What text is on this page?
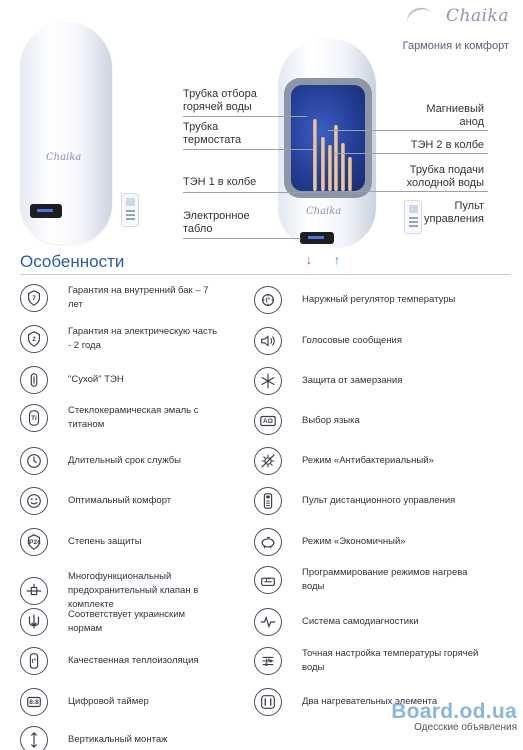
Chaika
Chaika
↓ ↑
Трубка отбора горячей воды
Трубка термостата
ТЭН 1 в колбе
Электронное табло
Магниевый анод
ТЭН 2 в колбе
Трубка подачи холодной воды
Пульт управления
Chaika
Гармония и комфорт
Особенности
7
Гарантия на внутренний бак – 7 лет
2
Гарантия на электрическую часть - 2 года
"Сухой" ТЭН
Ti
Стеклокерамическая эмаль с титаном
Длительный срок службы
Оптимальный комфорт
IP24	Степень защиты
Многофункциональный предохранительный клапан в комплекте
Соответствует украинским нормам
t°	Качественная теплоизоляция
8:8	Цифровой таймер
Вертикальный монтаж
t°	Наружный регулятор температуры
Голосовые сообщения
Защита от замерзания
AΩ	Выбор языка
Режим «Антибактериальный»
Пульт дистанционного управления
Режим «Экономичный»
t°
Программирование режимов нагрева воды
Система самодиагностики
t°
Точная настройка температуры горячей воды
Два нагревательных элемента
Board.od.ua
Одесские объявления
